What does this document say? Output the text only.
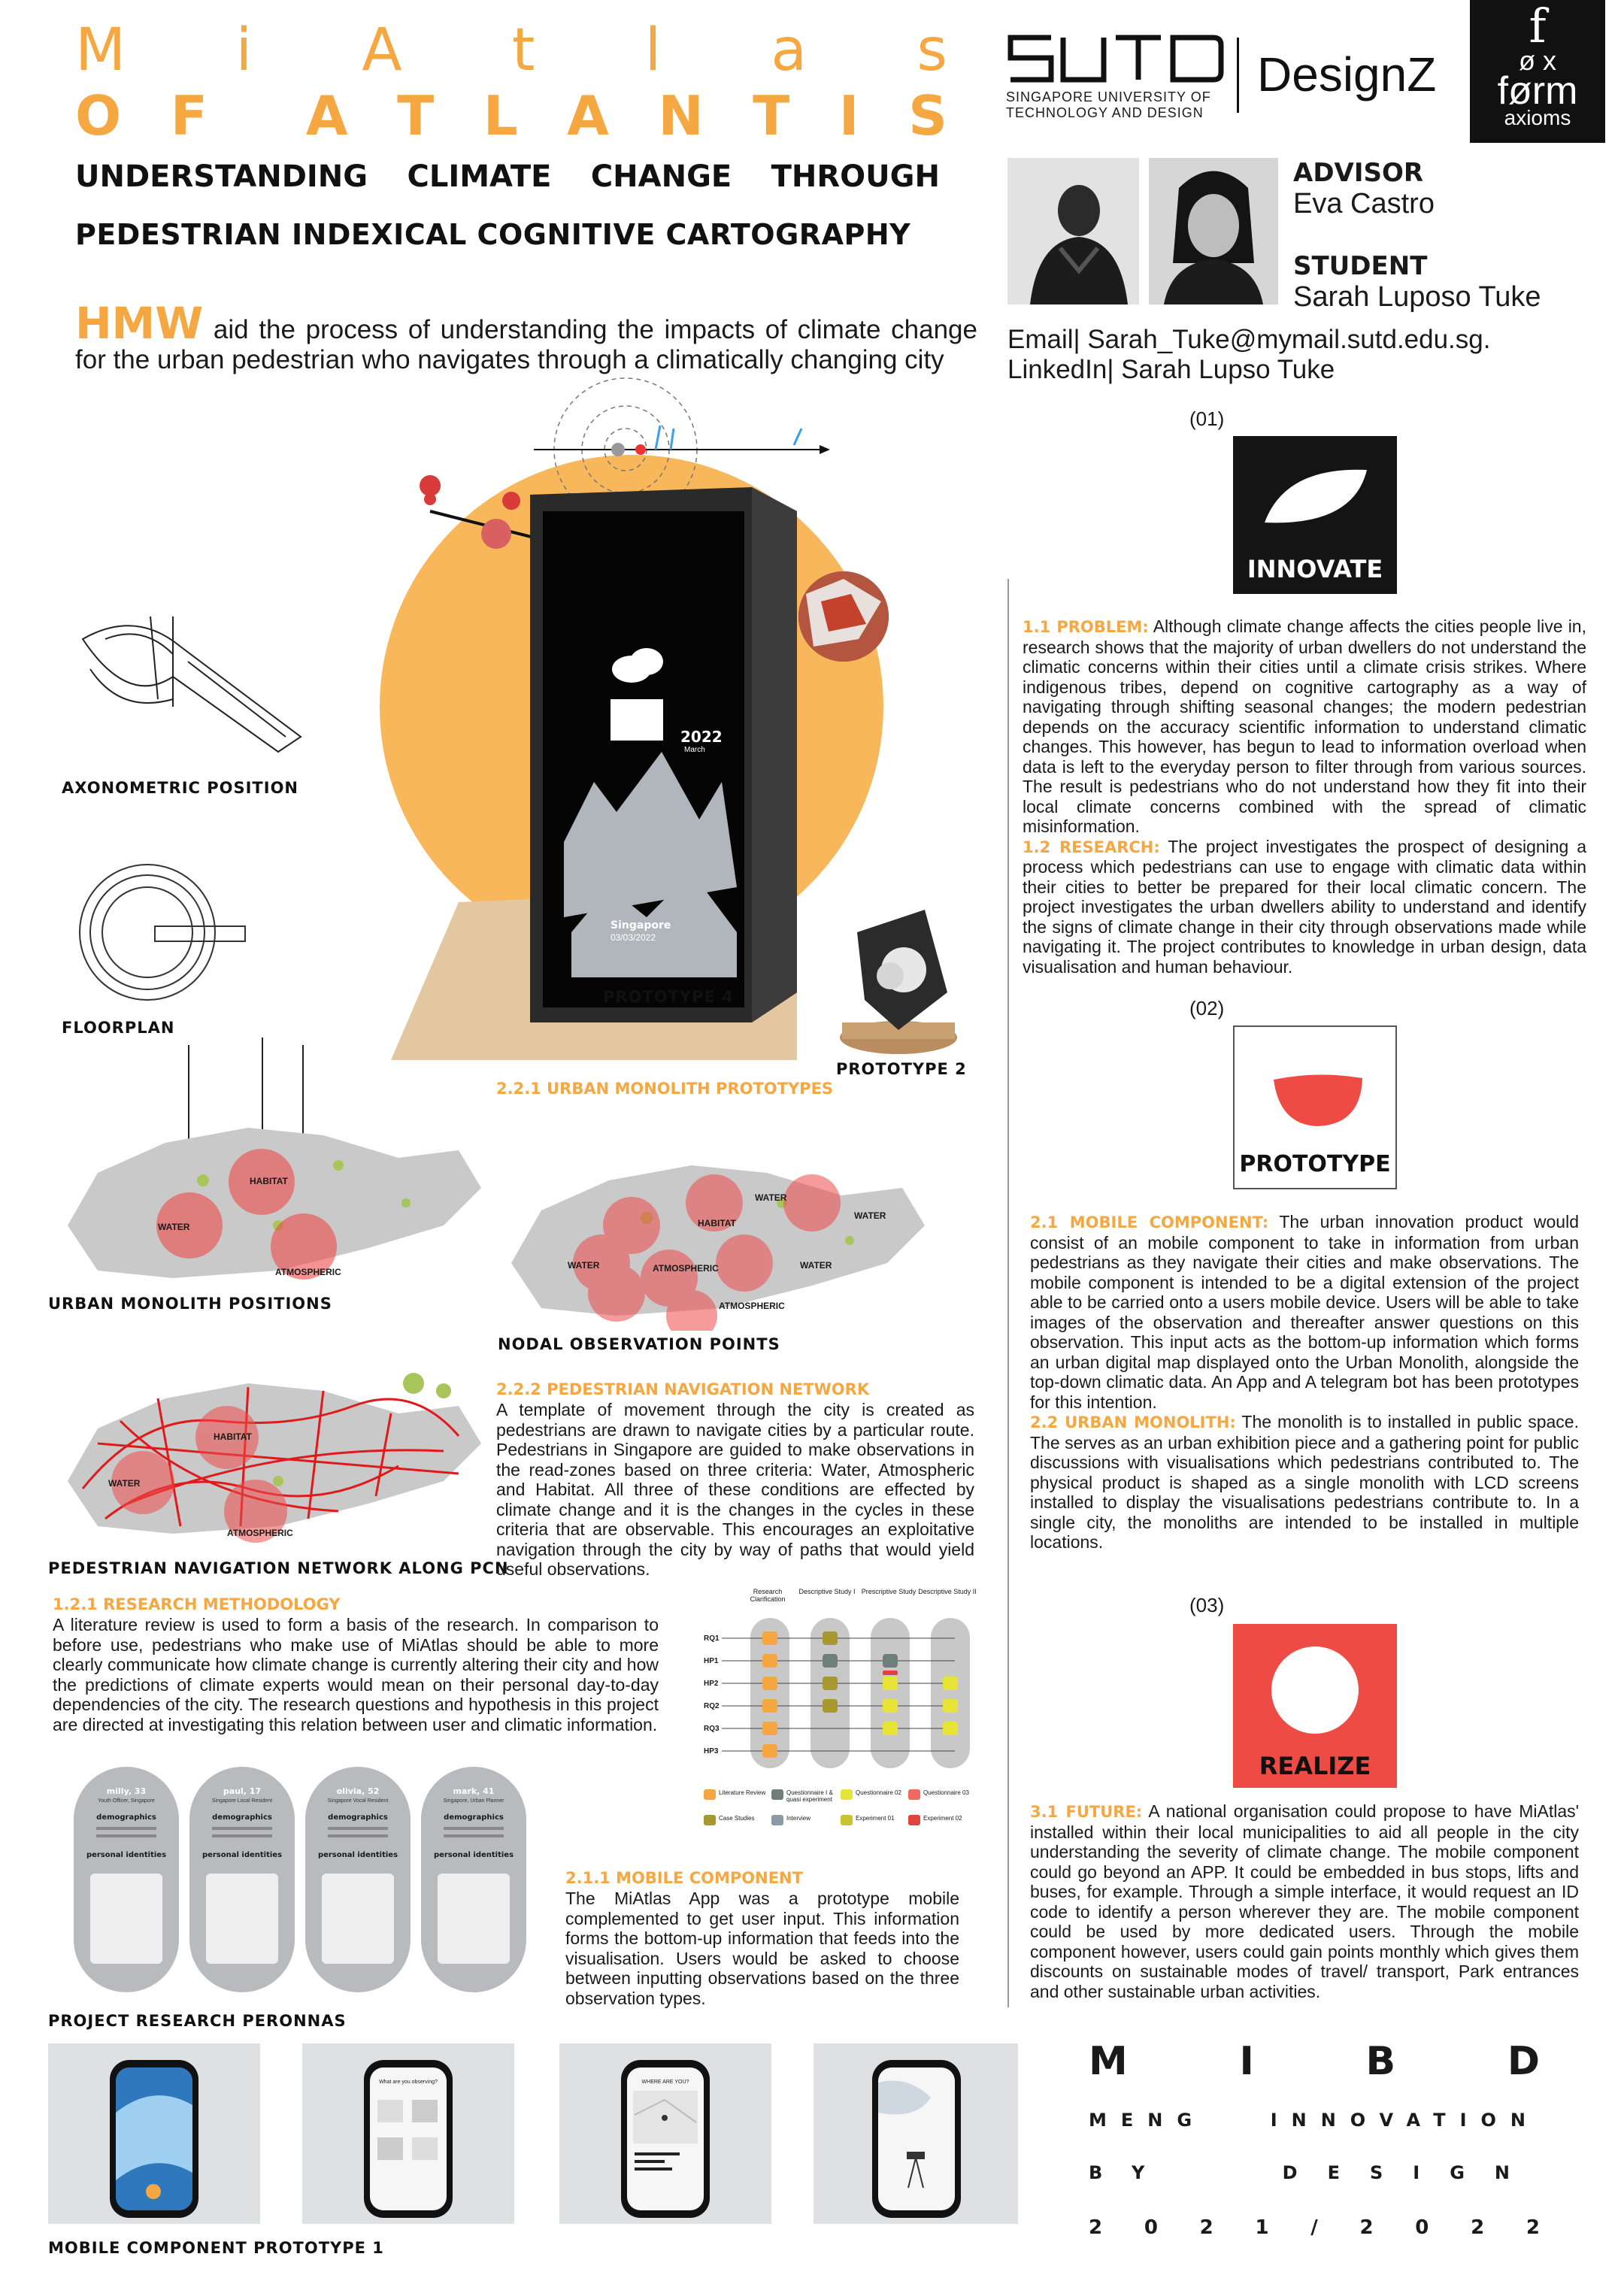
M i A t l a s
O F A T L A N T I S
UNDERSTANDING CLIMATE CHANGE THROUGH
PEDESTRIAN INDEXICAL COGNITIVE CARTOGRAPHY
HMW aid the process of understanding the impacts of climate change for the urban pedestrian who navigates through a climatically changing city
SINGAPORE UNIVERSITY OF
TECHNOLOGY AND DESIGN
DesignZ
f
ø x
førm
axioms
ADVISOR
Eva Castro
STUDENT
Sarah Luposo Tuke
Email| Sarah_Tuke@mymail.sutd.edu.sg.
LinkedIn| Sarah Lupso Tuke
(01)
INNOVATE
1.1 PROBLEM: Although climate change affects the cities people live in, research shows that the majority of urban dwellers do not understand the climatic concerns within their cities until a climate crisis strikes. Where indigenous tribes, depend on cognitive cartography as a way of navigating through shifting seasonal changes; the modern pedestrian depends on the accuracy scientific information to understand climatic changes. This however, has begun to lead to information overload when data is left to the everyday person to filter through from various sources. The result is pedestrians who do not understand how they fit into their local climate concerns combined with the spread of climatic misinformation.
1.2 RESEARCH: The project investigates the prospect of designing a process which pedestrians can use to engage with climatic data within their cities to better be prepared for their local climatic concern. The project investigates the urban dwellers ability to understand and identify the signs of climate change in their city through observations made while navigating it. The project contributes to knowledge in urban design, data visualisation and human behaviour.
(02)
PROTOTYPE
2.1 MOBILE COMPONENT: The urban innovation product would consist of an mobile component to take in information from urban pedestrians as they navigate their cities and make observations. The mobile component is intended to be a digital extension of the project able to be carried onto a users mobile device. Users will be able to take images of the observation and thereafter answer questions on this observation. This input acts as the bottom-up information which forms an urban digital map displayed onto the Urban Monolith, alongside the top-down climatic data. An App and A telegram bot has been prototypes for this intention.
2.2 URBAN MONOLITH: The monolith is to installed in public space. The serves as an urban exhibition piece and a gathering point for public discussions with visualisations which pedestrians contributed to. The physical product is shaped as a single monolith with LCD screens installed to display the visualisations pedestrians contribute to. In a single city, the monoliths are intended to be installed in multiple locations.
(03)
REALIZE
3.1 FUTURE: A national organisation could propose to have MiAtlas' installed within their local municipalities to aid all people in the city understanding the severity of climate change. The mobile component could go beyond an APP. It could be embedded in bus stops, lifts and buses, for example. Through a simple interface, it would request an ID code to identify a person wherever they are. The mobile component could be used by more dedicated users. Through the mobile component however, users could gain points monthly which gives them discounts on sustainable modes of travel/ transport, Park entrances and other sustainable urban activities.
M	I	B	D
MENG	INNOVATION
BY	DESIGN
2 0 2 1 / 2 0 2 2
2022
March
Singapore
03/03/2022
AXONOMETRIC POSITION
FLOORPLAN
PROTOTYPE 4
PROTOTYPE 2
2.2.1 URBAN MONOLITH PROTOTYPES
WATER
HABITAT
ATMOSPHERIC
URBAN MONOLITH POSITIONS
HABITAT
WATER
WATER
WATER	ATMOSPHERIC	WATER
ATMOSPHERIC
NODAL OBSERVATION POINTS
HABITAT
WATER
ATMOSPHERIC
PEDESTRIAN NAVIGATION NETWORK ALONG PCN
2.2.2 PEDESTRIAN NAVIGATION NETWORK
A template of movement through the city is created as pedestrians are drawn to navigate cities by a particular route. Pedestrians in Singapore are guided to make observations in the read-zones based on three criteria: Water, Atmospheric and Habitat. All three of these conditions are effected by climate change and it is the changes in the cycles in these criteria that are observable. This encourages an exploitative navigation through the city by way of paths that would yield useful observations.
1.2.1 RESEARCH METHODOLOGY
A literature review is used to form a basis of the research. In comparison to before use, pedestrians who make use of MiAtlas should be able to more clearly communicate how climate change is currently altering their city and how the predictions of climate experts would mean on their personal day-to-day dependencies of the city. The research questions and hypothesis in this project are directed at investigating this relation between user and climatic information.
Research Clarification
Descriptive Study I Prescriptive Study Descriptive Study II
RQ1
HP1
HP2
RQ2
RQ3
HP3
Literature Review	Questionnaire I & quasi experiment
Questionnaire 02	Questionnaire 03
Case Studies	Interview	Experiment 01	Experiment 02
milly, 33
Youth Officer, Singapore
demographics
personal identities
paul, 17
Singapore Local Resident
demographics
personal identities
olivia, 52
Singapore Vocal Resident
demographics
personal identities
mark, 41
Singapore, Urban Planner
demographics
personal identities
PROJECT RESEARCH PERONNAS
2.1.1 MOBILE COMPONENT
The MiAtlas App was a prototype mobile complemented to get user input. This information forms the bottom-up information that feeds into the visualisation. Users would be asked to choose between inputting observations based on the three observation types.
What are you observing?	WHERE ARE YOU?
MOBILE COMPONENT PROTOTYPE 1
